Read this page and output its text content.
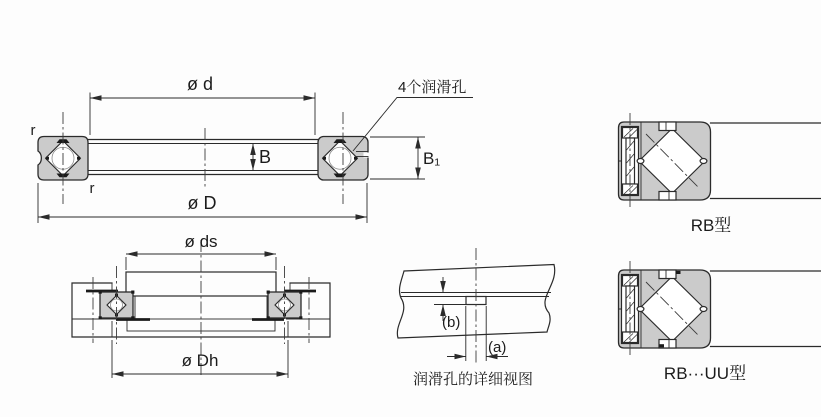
ø d
ø D
B	B₁
r
r
4个润滑孔
ø ds
ø Dh
(b)
(a)
润滑孔的详细视图
RB型
RB···UU型
